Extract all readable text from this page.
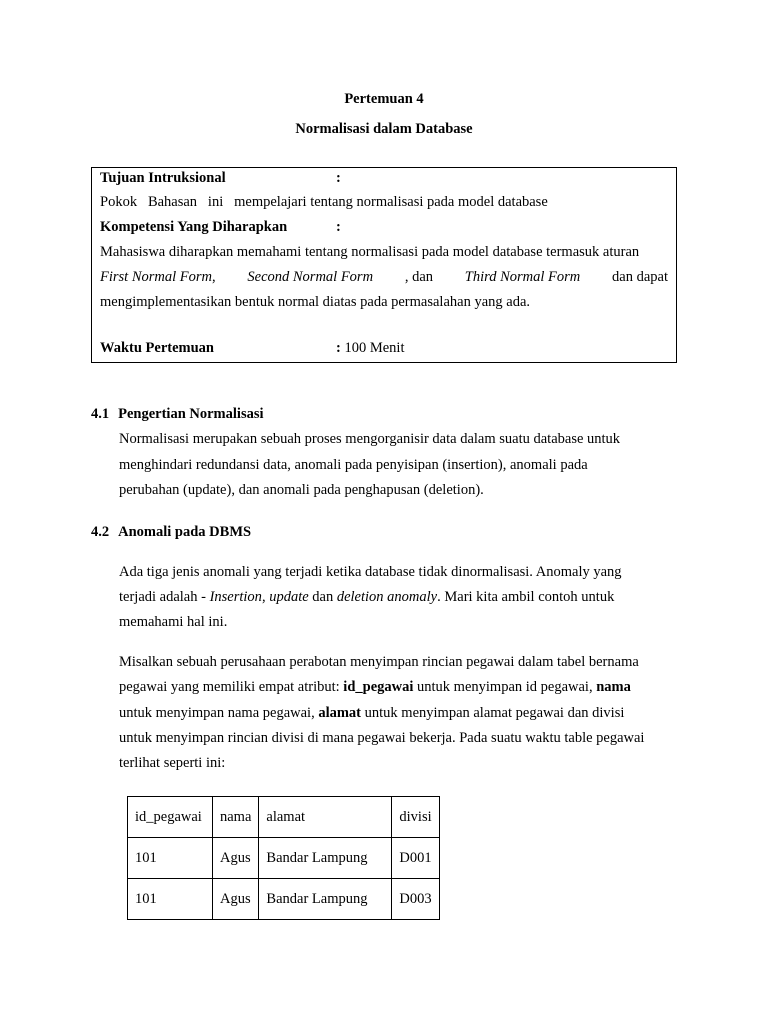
Pertemuan 4
Normalisasi dalam Database
Tujuan Intruksional	:
Pokok   Bahasan   ini   mempelajari tentang normalisasi pada model database
Kompetensi Yang Diharapkan	:
Mahasiswa diharapkan memahami tentang normalisasi pada model database termasuk aturan
First Normal Form, Second Normal Form , dan Third Normal Form dan dapat
mengimplementasikan bentuk normal diatas pada permasalahan yang ada.
Waktu Pertemuan	: 100 Menit
4.1 Pengertian Normalisasi
Normalisasi merupakan sebuah proses mengorganisir data dalam suatu database untuk
menghindari redundansi data, anomali pada penyisipan (insertion), anomali pada
perubahan (update), dan anomali pada penghapusan (deletion).
4.2 Anomali pada DBMS
Ada tiga jenis anomali yang terjadi ketika database tidak dinormalisasi. Anomaly yang
terjadi adalah - Insertion, update dan deletion anomaly. Mari kita ambil contoh untuk
memahami hal ini.
Misalkan sebuah perusahaan perabotan menyimpan rincian pegawai dalam tabel bernama
pegawai yang memiliki empat atribut: id_pegawai untuk menyimpan id pegawai, nama
untuk menyimpan nama pegawai, alamat untuk menyimpan alamat pegawai dan divisi
untuk menyimpan rincian divisi di mana pegawai bekerja. Pada suatu waktu table pegawai
terlihat seperti ini:
id_pegawai	nama	alamat	divisi
101	Agus	Bandar Lampung	D001
101	Agus	Bandar Lampung	D003
